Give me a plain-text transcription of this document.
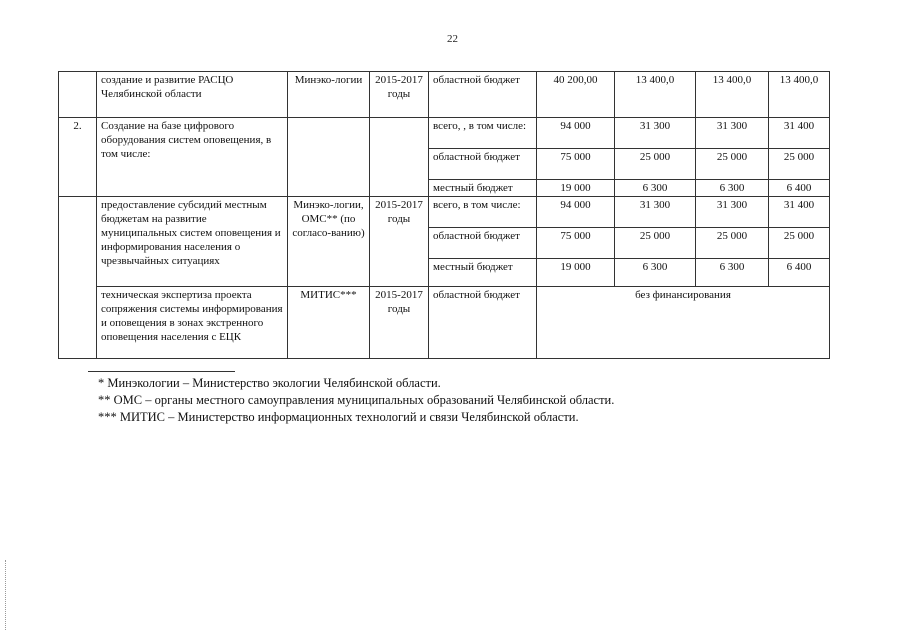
22
	создание и развитие РАСЦО Челябинской области	Минэко-логии	2015-2017 годы	областной бюджет	40 200,00	13 400,0	13 400,0	13 400,0
2.	Создание на базе цифрового оборудования систем оповещения, в том числе:			всего, , в том числе:	94 000	31 300	31 300	31 400
				областной бюджет	75 000	25 000	25 000	25 000
				местный бюджет	19 000	6 300	6 300	6 400
	предоставление субсидий местным бюджетам на развитие муниципальных систем оповещения и информирования населения о чрезвычайных ситуациях	Минэко-логии, ОМС** (по согласо-ванию)	2015-2017 годы	всего, в том числе:	94 000	31 300	31 300	31 400
				областной бюджет	75 000	25 000	25 000	25 000
				местный бюджет	19 000	6 300	6 300	6 400
	техническая экспертиза проекта сопряжения системы информирования и оповещения в зонах экстренного оповещения населения с ЕЦК	МИТИС***	2015-2017 годы	областной бюджет	без финансирования			
* Минэкологии – Министерство экологии Челябинской области.
** ОМС – органы местного самоуправления муниципальных образований Челябинской области.
*** МИТИС – Министерство информационных технологий и связи Челябинской области.
